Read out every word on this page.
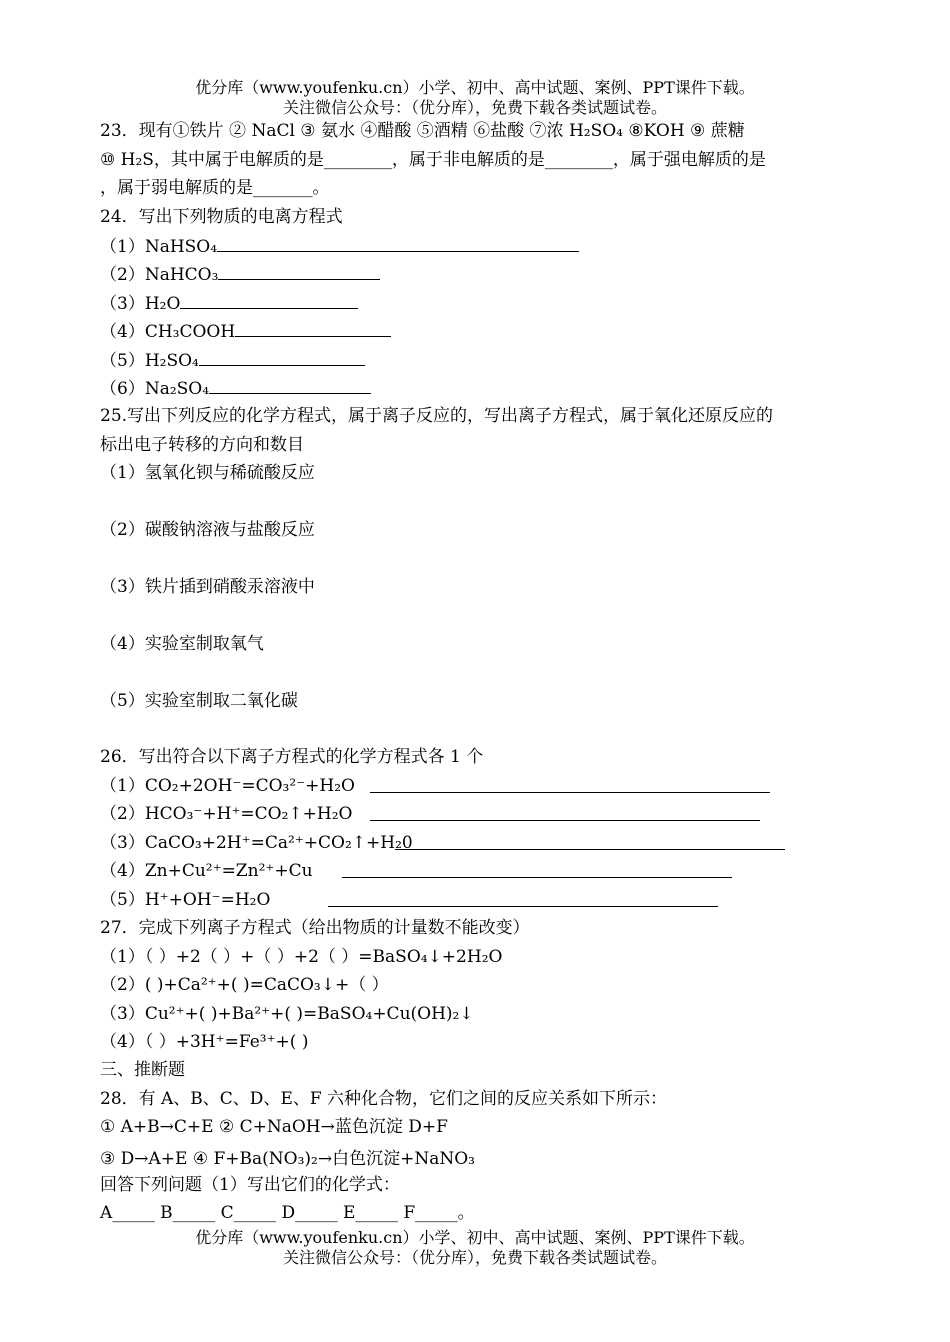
优分库（www.youfenku.cn）小学、初中、高中试题、案例、PPT课件下载。
关注微信公众号：（优分库），免费下载各类试题试卷。
23．现有①铁片 ② NaCl ③ 氨水 ④醋酸 ⑤酒精 ⑥盐酸 ⑦浓 H₂SO₄ ⑧KOH ⑨ 蔗糖
⑩ H₂S，其中属于电解质的是________，属于非电解质的是________，属于强电解质的是
，属于弱电解质的是_______。
24．写出下列物质的电离方程式
（1）NaHSO₄
（2）NaHCO₃
（3）H₂O
（4）CH₃COOH
（5）H₂SO₄
（6）Na₂SO₄
25.写出下列反应的化学方程式，属于离子反应的，写出离子方程式，属于氧化还原反应的
标出电子转移的方向和数目
（1）氢氧化钡与稀硫酸反应
（2）碳酸钠溶液与盐酸反应
（3）铁片插到硝酸汞溶液中
（4）实验室制取氧气
（5）实验室制取二氧化碳
26．写出符合以下离子方程式的化学方程式各 1 个
（1）CO₂+2OH⁻=CO₃²⁻+H₂O
（2）HCO₃⁻+H⁺=CO₂↑+H₂O
（3）CaCO₃+2H⁺=Ca²⁺+CO₂↑+H₂0
（4）Zn+Cu²⁺=Zn²⁺+Cu
（5）H⁺+OH⁻=H₂O
27．完成下列离子方程式（给出物质的计量数不能改变）
（1）（ ）+2（ ）+（ ）+2（ ）=BaSO₄↓+2H₂O
（2）( )+Ca²⁺+( )=CaCO₃↓+（ ）
（3）Cu²⁺+( )+Ba²⁺+( )=BaSO₄+Cu(OH)₂↓
（4）（ ）+3H⁺=Fe³⁺+( )
三、推断题
28．有 A、B、C、D、E、F 六种化合物，它们之间的反应关系如下所示：
① A+B→C+E ② C+NaOH→蓝色沉淀 D+F
③ D→A+E ④ F+Ba(NO₃)₂→白色沉淀+NaNO₃
回答下列问题（1）写出它们的化学式：
A_____ B_____ C_____ D_____ E_____ F_____。
优分库（www.youfenku.cn）小学、初中、高中试题、案例、PPT课件下载。
关注微信公众号：（优分库），免费下载各类试题试卷。
